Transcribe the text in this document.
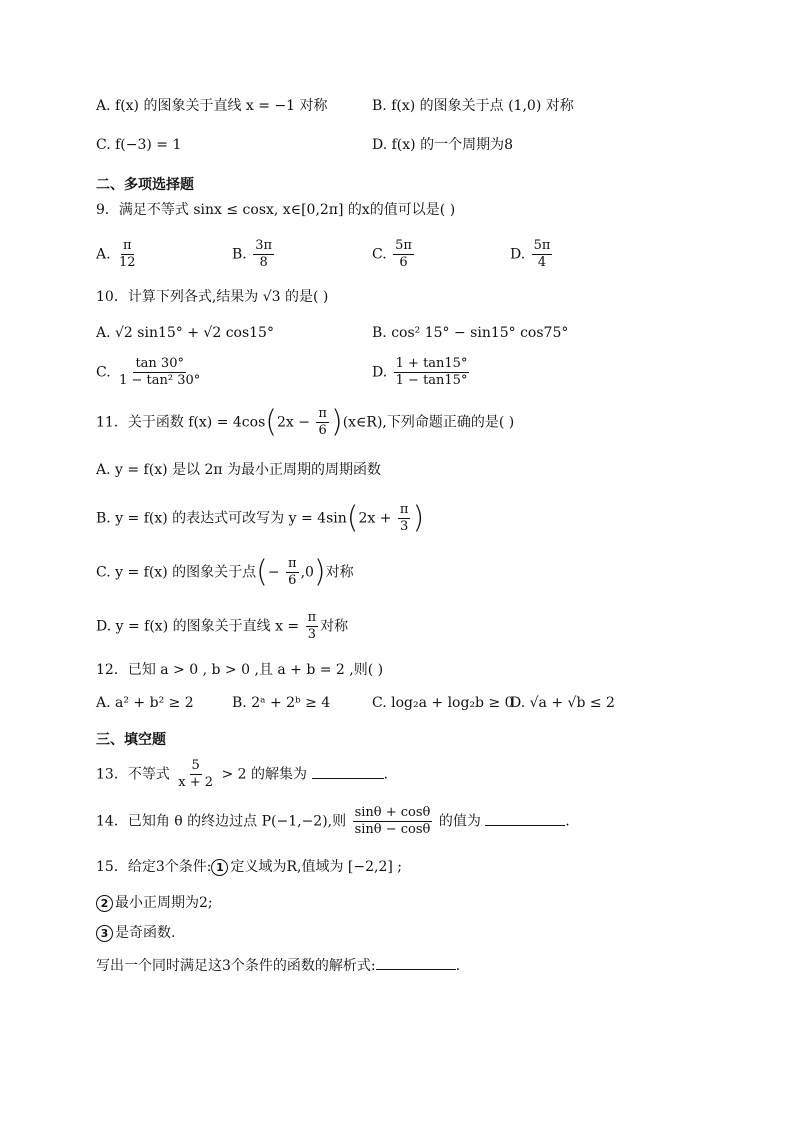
A. f(x) 的图象关于直线 x = −1 对称	B. f(x) 的图象关于点 (1,0) 对称
C. f(−3) = 1	D. f(x) 的一个周期为8
二、多项选择题
9．满足不等式 sinx ≤ cosx, x∈[0,2π] 的x的值可以是( )
A. $\frac{\pi}{12}$	B. $\frac{3\pi}{8}$	C. $\frac{5\pi}{6}$	D. $\frac{5\pi}{4}$
10．计算下列各式,结果为 √3 的是( )
A. √2 sin15° + √2 cos15°	B. cos² 15° − sin15° cos75°
C. $\frac{\tan 30^\circ}{\text{1 − tan² 30°}}$	D. $\frac{1 + \tan 15^\circ}{1 - \tan 15^\circ}$
11．关于函数 $f(x) = 4\cos(2x - \frac{\pi}{6}$ )(x∈R),下列命题正确的是( )
A. y = f(x) 是以 2π 为最小正周期的周期函数
B. y = f(x) 的表达式可改写为 $y = 4\sin(2x + \frac{\pi}{3}$ )
C. y = f(x) 的图象关于点(− $\frac{\pi}{6} ,0$)对称
D. y = f(x) 的图象关于直线 $x = \frac{\pi}{3}$ 对称
12．已知 a > 0 , b > 0 ,且 a + b = 2 ,则( )
A. a² + b² ≥ 2	B. 2ᵃ + 2ᵇ ≥ 4	C. log₂a + log₂b ≥ 0
D. √a + √b ≤ 2
三、填空题
13．不等式 $\frac{5}{x + 2} > 2$ 的解集为	.
14．已知角 θ 的终边过点 P(−1,−2),则 $\frac{\sin\theta + \cos\theta}{\sin\theta - \cos\theta}$ 的值为	.
15．给定3个条件: 1 定义域为R,值域为 [−2,2] ;
2 最小正周期为2;
3 是奇函数.
写出一个同时满足这3个条件的函数的解析式:	.
